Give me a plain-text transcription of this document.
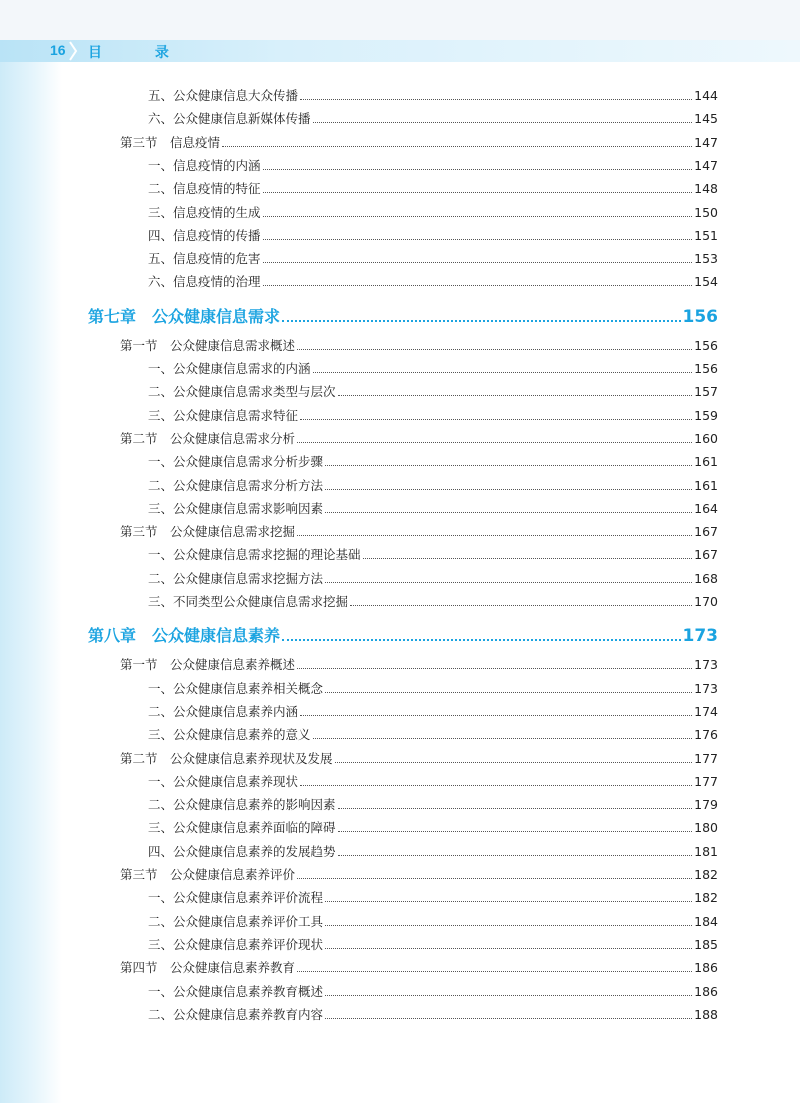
16 目 录
五、公众健康信息大众传播	144
六、公众健康信息新媒体传播	145
第三节　信息疫情	147
一、信息疫情的内涵	147
二、信息疫情的特征	148
三、信息疫情的生成	150
四、信息疫情的传播	151
五、信息疫情的危害	153
六、信息疫情的治理	154
第七章　公众健康信息需求	156
第一节　公众健康信息需求概述	156
一、公众健康信息需求的内涵	156
二、公众健康信息需求类型与层次	157
三、公众健康信息需求特征	159
第二节　公众健康信息需求分析	160
一、公众健康信息需求分析步骤	161
二、公众健康信息需求分析方法	161
三、公众健康信息需求影响因素	164
第三节　公众健康信息需求挖掘	167
一、公众健康信息需求挖掘的理论基础	167
二、公众健康信息需求挖掘方法	168
三、不同类型公众健康信息需求挖掘	170
第八章　公众健康信息素养	173
第一节　公众健康信息素养概述	173
一、公众健康信息素养相关概念	173
二、公众健康信息素养内涵	174
三、公众健康信息素养的意义	176
第二节　公众健康信息素养现状及发展	177
一、公众健康信息素养现状	177
二、公众健康信息素养的影响因素	179
三、公众健康信息素养面临的障碍	180
四、公众健康信息素养的发展趋势	181
第三节　公众健康信息素养评价	182
一、公众健康信息素养评价流程	182
二、公众健康信息素养评价工具	184
三、公众健康信息素养评价现状	185
第四节　公众健康信息素养教育	186
一、公众健康信息素养教育概述	186
二、公众健康信息素养教育内容	188
